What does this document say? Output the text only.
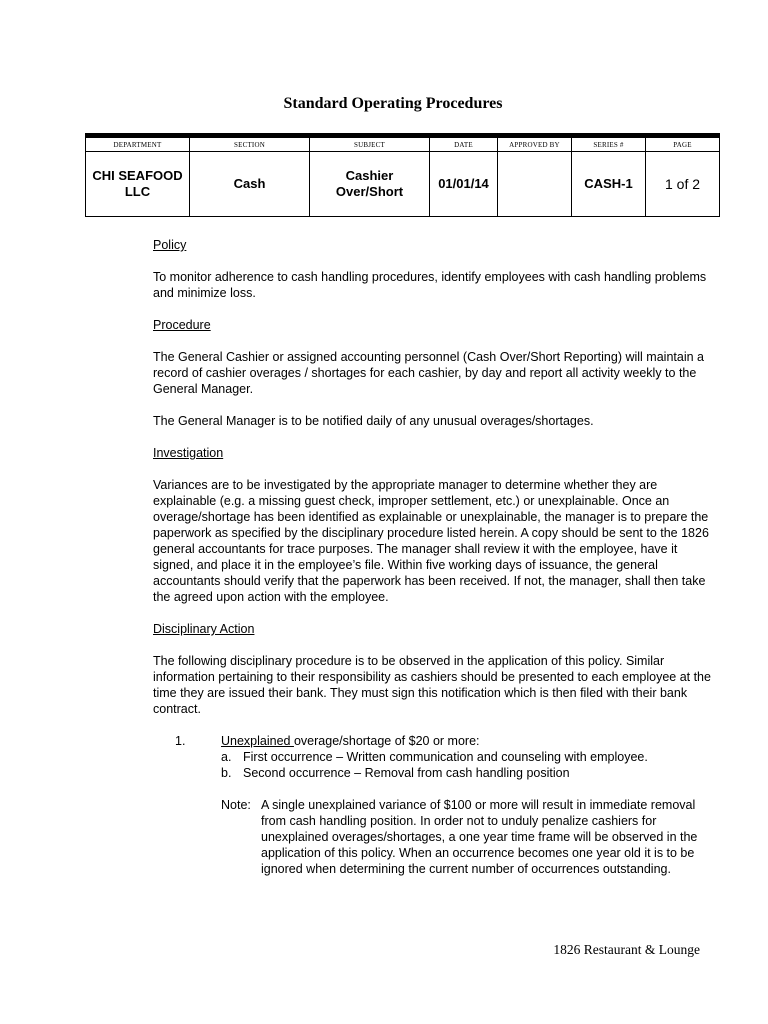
Standard Operating Procedures
DEPARTMENT	SECTION	SUBJECT	DATE	APPROVED BY	SERIES #	PAGE
CHI SEAFOOD LLC	Cash	Cashier Over/Short	01/01/14		CASH-1	1 of 2

Policy

To monitor adherence to cash handling procedures, identify employees with cash handling problems and minimize loss.

Procedure

The General Cashier or assigned accounting personnel (Cash Over/Short Reporting) will maintain a record of cashier overages / shortages for each cashier, by day and report all activity weekly to the General Manager.

The General Manager is to be notified daily of any unusual overages/shortages.

Investigation

Variances are to be investigated by the appropriate manager to determine whether they are explainable (e.g. a missing guest check, improper settlement, etc.) or unexplainable. Once an overage/shortage has been identified as explainable or unexplainable, the manager is to prepare the paperwork as specified by the disciplinary procedure listed herein. A copy should be sent to the 1826 general accountants for trace purposes. The manager shall review it with the employee, have it signed, and place it in the employee’s file. Within five working days of issuance, the general accountants should verify that the paperwork has been received. If not, the manager, shall then take the agreed upon action with the employee.

Disciplinary Action

The following disciplinary procedure is to be observed in the application of this policy. Similar information pertaining to their responsibility as cashiers should be presented to each employee at the time they are issued their bank. They must sign this notification which is then filed with their bank contract.

1.	Unexplained overage/shortage of $20 or more:
a. First occurrence – Written communication and counseling with employee.
b. Second occurrence – Removal from cash handling position
Note: A single unexplained variance of $100 or more will result in immediate removal from cash handling position. In order not to unduly penalize cashiers for unexplained overages/shortages, a one year time frame will be observed in the application of this policy. When an occurrence becomes one year old it is to be ignored when determining the current number of occurrences outstanding.
1826 Restaurant & Lounge
